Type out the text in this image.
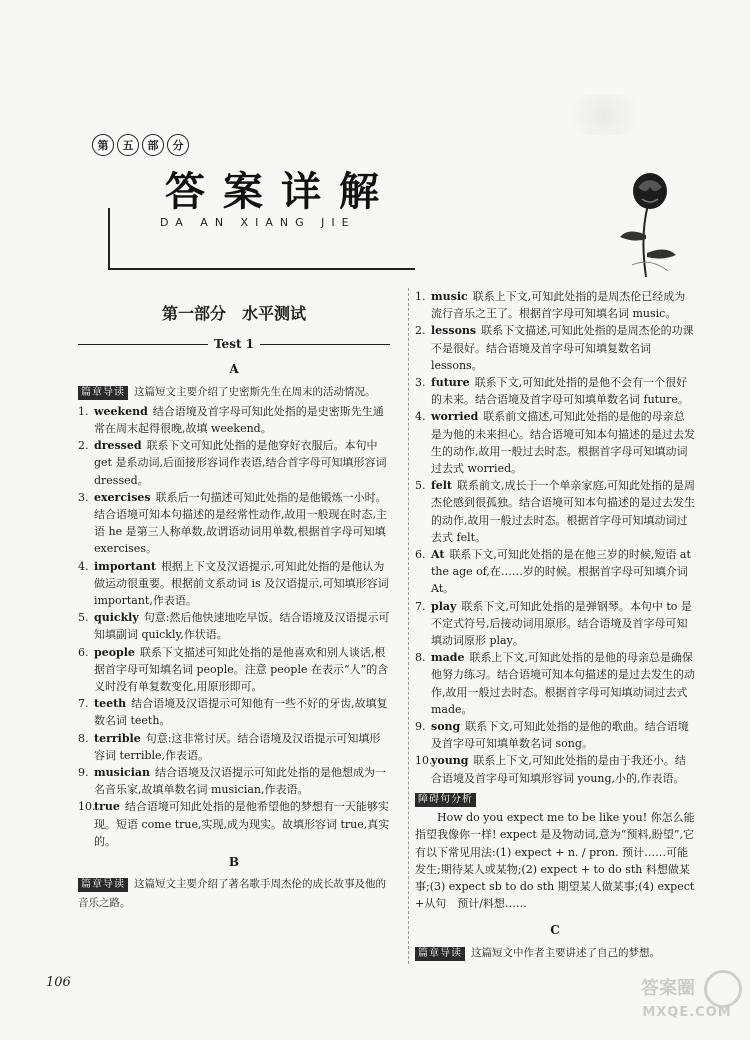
第	五	部	分
答案详解
DA AN XIANG JIE
第一部分　水平测试
Test 1
A
篇章导读 这篇短文主要介绍了史密斯先生在周末的活动情况。
1. weekend 结合语境及首字母可知此处指的是史密斯先生通常在周末起得很晚,故填 weekend。
2. dressed 联系下文可知此处指的是他穿好衣服后。本句中 get 是系动词,后面接形容词作表语,结合首字母可知填形容词 dressed。
3. exercises 联系后一句描述可知此处指的是他锻炼一小时。结合语境可知本句描述的是经常性动作,故用一般现在时态,主语 he 是第三人称单数,故谓语动词用单数,根据首字母可知填 exercises。
4. important 根据上下文及汉语提示,可知此处指的是他认为做运动很重要。根据前文系动词 is 及汉语提示,可知填形容词 important,作表语。
5. quickly 句意:然后他快速地吃早饭。结合语境及汉语提示可知填副词 quickly,作状语。
6. people 联系下文描述可知此处指的是他喜欢和别人谈话,根据首字母可知填名词 people。注意 people 在表示“人”的含义时没有单复数变化,用原形即可。
7. teeth 结合语境及汉语提示可知他有一些不好的牙齿,故填复数名词 teeth。
8. terrible 句意:这非常讨厌。结合语境及汉语提示可知填形容词 terrible,作表语。
9. musician 结合语境及汉语提示可知此处指的是他想成为一名音乐家,故填单数名词 musician,作表语。
10.
true 结合语境可知此处指的是他希望他的梦想有一天能够实现。短语 come true,实现,成为现实。故填形容词 true,真实的。
B
篇章导读 这篇短文主要介绍了著名歌手周杰伦的成长故事及他的音乐之路。
1. music 联系上下文,可知此处指的是周杰伦已经成为流行音乐之王了。根据首字母可知填名词 music。
2. lessons 联系下文描述,可知此处指的是周杰伦的功课不是很好。结合语境及首字母可知填复数名词 lessons。
3. future 联系下文,可知此处指的是他不会有一个很好的未来。结合语境及首字母可知填单数名词 future。
4. worried 联系前文描述,可知此处指的是他的母亲总是为他的未来担心。结合语境可知本句描述的是过去发生的动作,故用一般过去时态。根据首字母可知填动词过去式 worried。
5. felt 联系前文,成长于一个单亲家庭,可知此处指的是周杰伦感到很孤独。结合语境可知本句描述的是过去发生的动作,故用一般过去时态。根据首字母可知填动词过去式 felt。
6. At 联系下文,可知此处指的是在他三岁的时候,短语 at the age of,在……岁的时候。根据首字母可知填介词 At。
7. play 联系下文,可知此处指的是弹钢琴。本句中 to 是不定式符号,后接动词用原形。结合语境及首字母可知填动词原形 play。
8. made 联系上下文,可知此处指的是他的母亲总是确保他努力练习。结合语境可知本句描述的是过去发生的动作,故用一般过去时态。根据首字母可知填动词过去式 made。
9. song 联系下文,可知此处指的是他的歌曲。结合语境及首字母可知填单数名词 song。
10.
young 联系上下文,可知此处指的是由于我还小。结合语境及首字母可知填形容词 young,小的,作表语。
障碍句分析
How do you expect me to be like you! 你怎么能指望我像你一样! expect 是及物动词,意为“预料,盼望”,它有以下常见用法:(1) expect + n. / pron. 预计……可能发生;期待某人或某物;(2) expect + to do sth 料想做某事;(3) expect sb to do sth 期望某人做某事;(4) expect +从句　预计/料想……
C
篇章导读 这篇短文中作者主要讲述了自己的梦想。
106	答案圈
MXQE.COM
